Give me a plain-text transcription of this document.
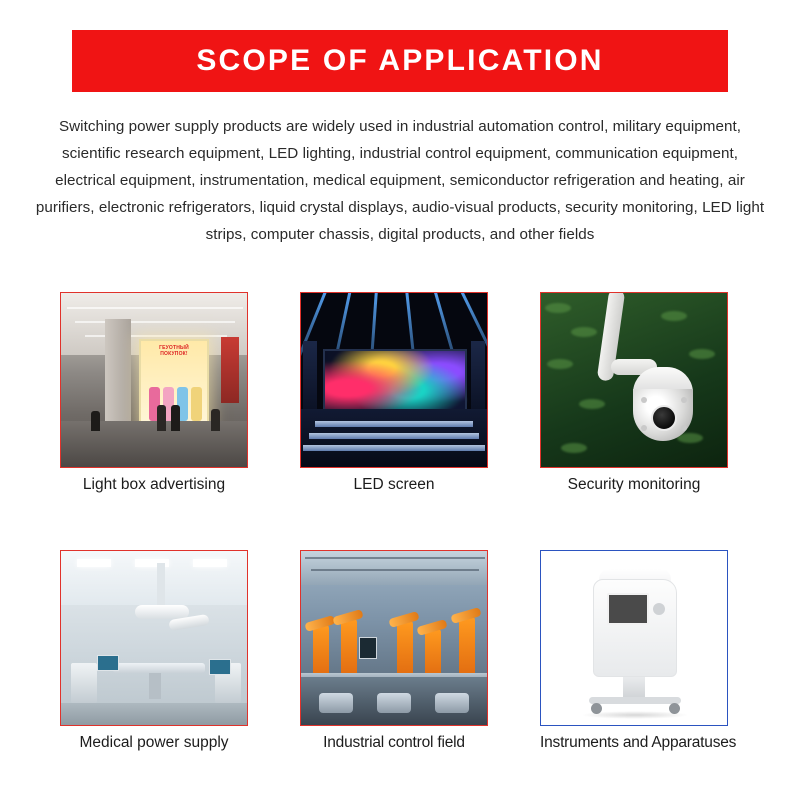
SCOPE OF APPLICATION
Switching power supply products are widely used in industrial automation control, military equipment, scientific research equipment, LED lighting, industrial control equipment, communication equipment, electrical equipment, instrumentation, medical equipment, semiconductor refrigeration and heating, air purifiers, electronic refrigerators, liquid crystal displays, audio-visual products, security monitoring, LED light strips, computer chassis, digital products, and other fields
ГЕУОТНЫЙ ПОКУПОК!
Light box advertising	LED screen	Security monitoring
Medical power supply	Industrial control field	Instruments and Apparatuses
